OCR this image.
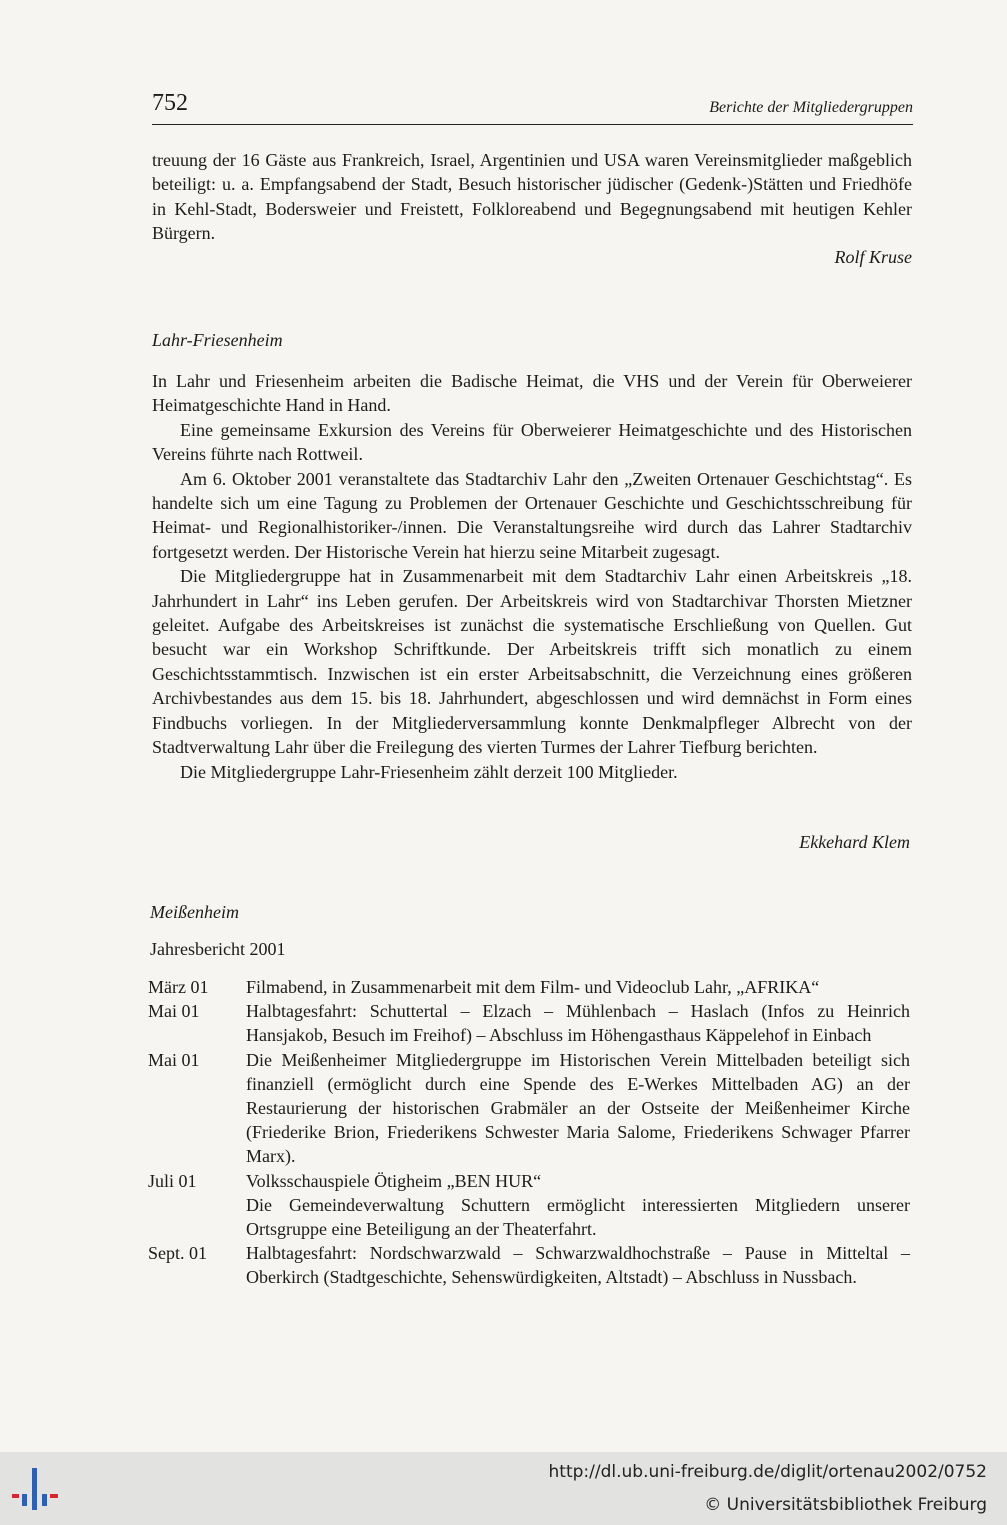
752	Berichte der Mitgliedergruppen

treuung der 16 Gäste aus Frankreich, Israel, Argentinien und USA waren Vereinsmitglieder maßgeblich beteiligt: u. a. Empfangsabend der Stadt, Besuch historischer jüdischer (Gedenk-)Stätten und Friedhöfe in Kehl-Stadt, Bodersweier und Freistett, Folkloreabend und Begegnungsabend mit heutigen Kehler Bürgern.

Rolf Kruse
Lahr-Friesenheim

In Lahr und Friesenheim arbeiten die Badische Heimat, die VHS und der Verein für Oberweierer Heimatgeschichte Hand in Hand.

Eine gemeinsame Exkursion des Vereins für Oberweierer Heimatgeschichte und des Historischen Vereins führte nach Rottweil.

Am 6. Oktober 2001 veranstaltete das Stadtarchiv Lahr den „Zweiten Ortenauer Geschichtstag“. Es handelte sich um eine Tagung zu Problemen der Ortenauer Geschichte und Geschichtsschreibung für Heimat- und Regionalhistoriker-/innen. Die Veranstaltungsreihe wird durch das Lahrer Stadtarchiv fortgesetzt werden. Der Historische Verein hat hierzu seine Mitarbeit zugesagt.

Die Mitgliedergruppe hat in Zusammenarbeit mit dem Stadtarchiv Lahr einen Arbeitskreis „18. Jahrhundert in Lahr“ ins Leben gerufen. Der Arbeitskreis wird von Stadtarchivar Thorsten Mietzner geleitet. Aufgabe des Arbeitskreises ist zunächst die systematische Erschließung von Quellen. Gut besucht war ein Workshop Schriftkunde. Der Arbeitskreis trifft sich monatlich zu einem Geschichtsstammtisch. Inzwischen ist ein erster Arbeitsabschnitt, die Verzeichnung eines größeren Archivbestandes aus dem 15. bis 18. Jahrhundert, abgeschlossen und wird demnächst in Form eines Findbuchs vorliegen. In der Mitgliederversammlung konnte Denkmalpfleger Albrecht von der Stadtverwaltung Lahr über die Freilegung des vierten Turmes der Lahrer Tiefburg berichten.

Die Mitgliedergruppe Lahr-Friesenheim zählt derzeit 100 Mitglieder.

Ekkehard Klem
Meißenheim
Jahresbericht 2001
März 01	Filmabend, in Zusammenarbeit mit dem Film- und Videoclub Lahr, „AFRIKA“

Mai 01	Halbtagesfahrt: Schuttertal – Elzach – Mühlenbach – Haslach (Infos zu Heinrich Hansjakob, Besuch im Freihof) – Abschluss im Höhengasthaus Käppelehof in Einbach

Mai 01	Die Meißenheimer Mitgliedergruppe im Historischen Verein Mittelbaden beteiligt sich finanziell (ermöglicht durch eine Spende des E-Werkes Mittelbaden AG) an der Restaurierung der historischen Grabmäler an der Ostseite der Meißenheimer Kirche (Friederike Brion, Friederikens Schwester Maria Salome, Friederikens Schwager Pfarrer Marx).

Juli 01	Volksschauspiele Ötigheim „BEN HUR“

Die Gemeindeverwaltung Schuttern ermöglicht interessierten Mitgliedern unserer Ortsgruppe eine Beteiligung an der Theaterfahrt.

Sept. 01	Halbtagesfahrt: Nordschwarzwald – Schwarzwaldhochstraße – Pause in Mitteltal – Oberkirch (Stadtgeschichte, Sehenswürdigkeiten, Altstadt) – Abschluss in Nussbach.

http://dl.ub.uni-freiburg.de/diglit/ortenau2002/0752
© Universitätsbibliothek Freiburg
